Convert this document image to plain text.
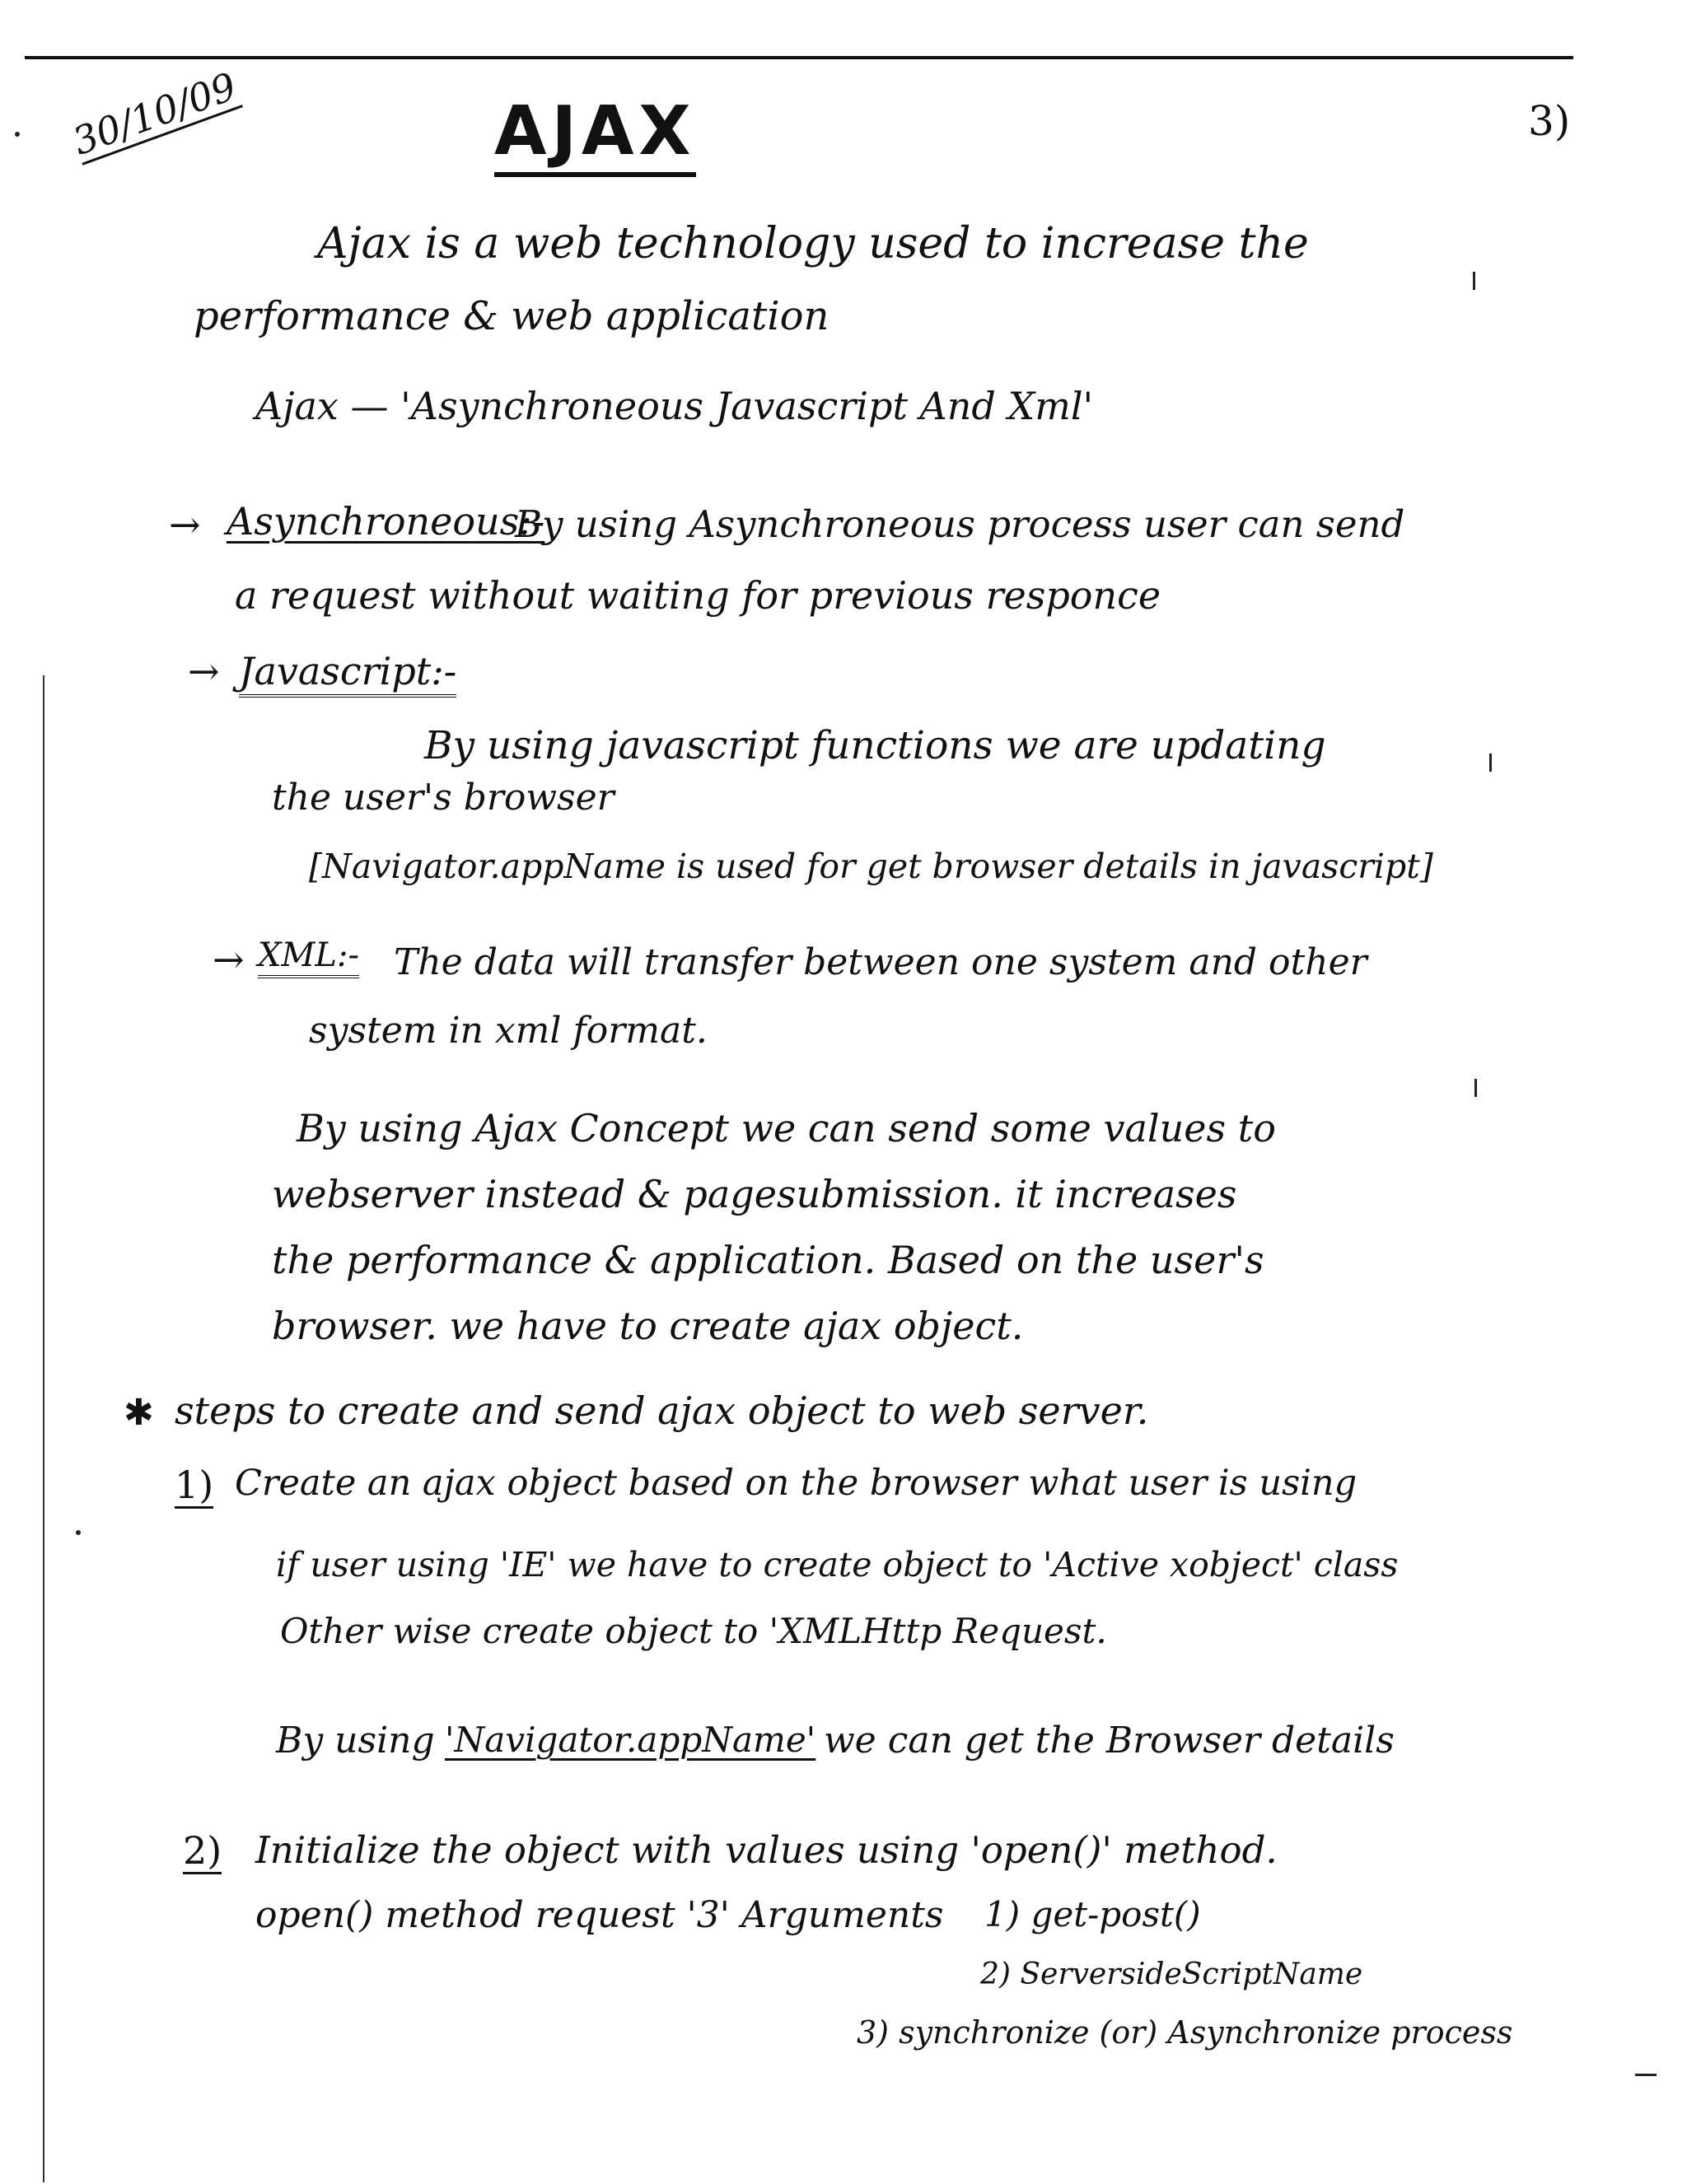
30/10/09	AJAX	3)
Ajax is a web technology used to increase the
performance & web application
Ajax — 'Asynchroneous Javascript And Xml'
→ Asynchroneous:-
By using Asynchroneous process user can send
a request without waiting for previous responce
→ Javascript:-
By using javascript functions we are updating
the user's browser
[Navigator.appName is used for get browser details in javascript]
→ XML:- The data will transfer between one system and other
system in xml format.
By using Ajax Concept we can send some values to
webserver instead & pagesubmission. it increases
the performance & application. Based on the user's
browser. we have to create ajax object.
✱ steps to create and send ajax object to web server.
1) Create an ajax object based on the browser what user is using
if user using 'IE' we have to create object to 'Active xobject' class
Other wise create object to 'XMLHttp Request.
By using 'Navigator.appName' we can get the Browser details
2) Initialize the object with values using 'open()' method.
open() method request '3' Arguments 1) get-post()
2) ServersideScriptName
3) synchronize (or) Asynchronize process
